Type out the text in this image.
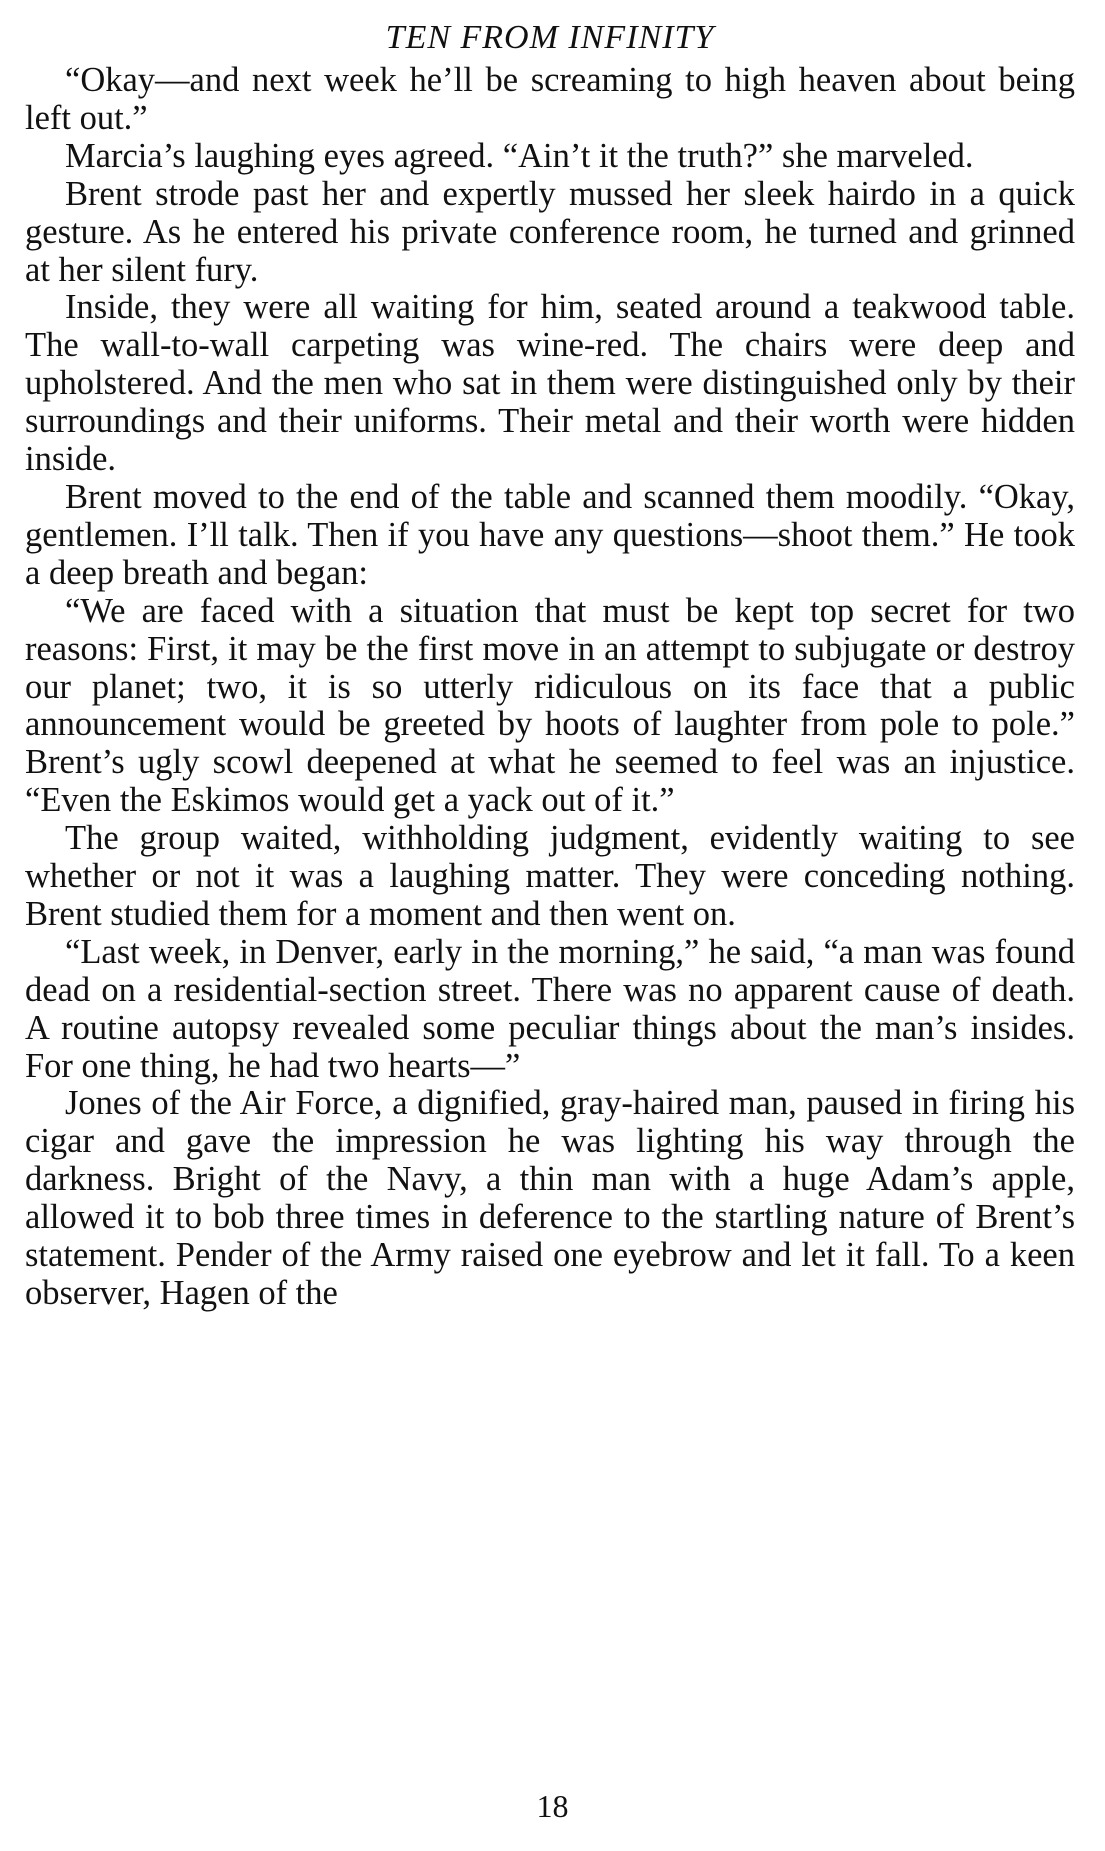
TEN FROM INFINITY

“Okay—and next week he’ll be screaming to high heaven about being left out.”

Marcia’s laughing eyes agreed. “Ain’t it the truth?” she marveled.

Brent strode past her and expertly mussed her sleek hairdo in a quick gesture. As he entered his private conference room, he turned and grinned at her silent fury.

Inside, they were all waiting for him, seated around a teakwood table. The wall-to-wall carpeting was wine-red. The chairs were deep and upholstered. And the men who sat in them were distinguished only by their surroundings and their uniforms. Their metal and their worth were hidden inside.

Brent moved to the end of the table and scanned them moodily. “Okay, gentlemen. I’ll talk. Then if you have any questions—shoot them.” He took a deep breath and began:

“We are faced with a situation that must be kept top secret for two reasons: First, it may be the first move in an attempt to subjugate or destroy our planet; two, it is so utterly ridiculous on its face that a public announcement would be greeted by hoots of laughter from pole to pole.” Brent’s ugly scowl deepened at what he seemed to feel was an injustice. “Even the Eskimos would get a yack out of it.”

The group waited, withholding judgment, evidently waiting to see whether or not it was a laughing matter. They were conceding nothing. Brent studied them for a moment and then went on.

“Last week, in Denver, early in the morning,” he said, “a man was found dead on a residential-section street. There was no apparent cause of death. A routine autopsy revealed some peculiar things about the man’s insides. For one thing, he had two hearts—”

Jones of the Air Force, a dignified, gray-haired man, paused in firing his cigar and gave the impression he was lighting his way through the darkness. Bright of the Navy, a thin man with a huge Adam’s apple, allowed it to bob three times in deference to the startling nature of Brent’s statement. Pender of the Army raised one eyebrow and let it fall. To a keen observer, Hagen of the

18
